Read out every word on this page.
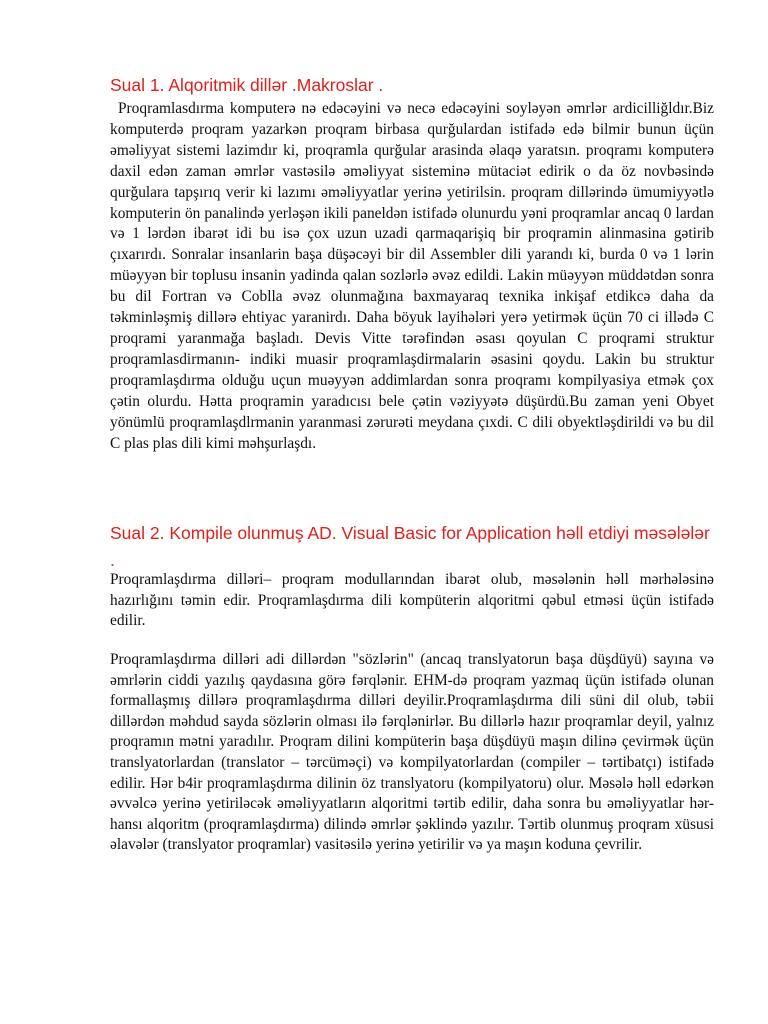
Sual 1. Alqoritmik dillər .Makroslar .

Proqramlasdırma komputerə nə edəcəyini və necə edəcəyini soyləyən əmrlər ardicilliğldır.Biz komputerdə proqram yazarkən proqram birbasa qurğulardan istifadə edə bilmir bunun üçün əməliyyat sistemi lazimdır ki, proqramla qurğular arasinda əlaqə yaratsın. proqramı komputerə daxil edən zaman əmrlər vastəsilə əməliyyat sisteminə mütaciət edirik o da öz novbəsində qurğulara tapşırıq verir ki lazımı əməliyyatlar yerinə yetirilsin. proqram dillərində ümumiyyətlə komputerin ön panalində yerləşən ikili paneldən istifadə olunurdu yəni proqramlar ancaq 0 lardan və 1 lərdən ibarət idi bu isə çox uzun uzadi qarmaqarişiq bir proqramin alinmasina gətirib çıxarırdı. Sonralar insanlarin başa düşəcəyi bir dil Assembler dili yarandı ki, burda 0 və 1 lərin müəyyən bir toplusu insanin yadinda qalan sozlərlə əvəz edildi. Lakin müəyyən müddətdən sonra bu dil Fortran və Coblla əvəz olunmağına baxmayaraq texnika inkişaf etdikcə daha da təkminləşmiş dillərə ehtiyac yaranirdı. Daha böyuk layihələri yerə yetirmək üçün 70 ci illədə C proqrami yaranmağa başladı. Devis Vitte tərəfindən əsası qoyulan C proqrami struktur proqramlasdirmanın- indiki muasir proqramlaşdirmalarin əsasini qoydu. Lakin bu struktur proqramlaşdırma olduğu uçun muəyyən addimlardan sonra proqramı kompilyasiya etmək çox çətin olurdu. Hətta proqramin yaradıcısı bele çətin vəziyyətə düşürdü.Bu zaman yeni Obyet yönümlü proqramlaşdlrmanin yaranmasi zərurəti meydana çıxdi. C dili obyektləşdirildi və bu dil C plas plas dili kimi məhşurlaşdı.

Sual 2. Kompile olunmuş AD. Visual Basic for Application həll etdiyi məsələlər .

Proqramlaşdırma dilləri– proqram modullarından ibarət olub, məsələnin həll mərhələsinə hazırlığını təmin edir. Proqramlaşdırma dili kompüterin alqoritmi qəbul etməsi üçün istifadə edilir.

Proqramlaşdırma dilləri adi dillərdən "sözlərin" (ancaq translyatorun başa düşdüyü) sayına və əmrlərin ciddi yazılış qaydasına görə fərqlənir. EHM-də proqram yazmaq üçün istifadə olunan formallaşmış dillərə proqramlaşdırma dilləri deyilir.Proqramlaşdırma dili süni dil olub, təbii dillərdən məhdud sayda sözlərin olması ilə fərqlənirlər. Bu dillərlə hazır proqramlar deyil, yalnız proqramın mətni yaradılır. Proqram dilini kompüterin başa düşdüyü maşın dilinə çevirmək üçün translyatorlardan (translator – tərcüməçi) və kompilyatorlardan (compiler – tərtibatçı) istifadə edilir. Hər b4ir proqramlaşdırma dilinin öz translyatoru (kompilyatoru) olur. Məsələ həll edərkən əvvəlcə yerinə yetiriləcək əməliyyatların alqoritmi tərtib edilir, daha sonra bu əməliyyatlar hər-hansı alqoritm (proqramlaşdırma) dilində əmrlər şəklində yazılır. Tərtib olunmuş proqram xüsusi əlavələr (translyator proqramlar) vasitəsilə yerinə yetirilir və ya maşın koduna çevrilir.
